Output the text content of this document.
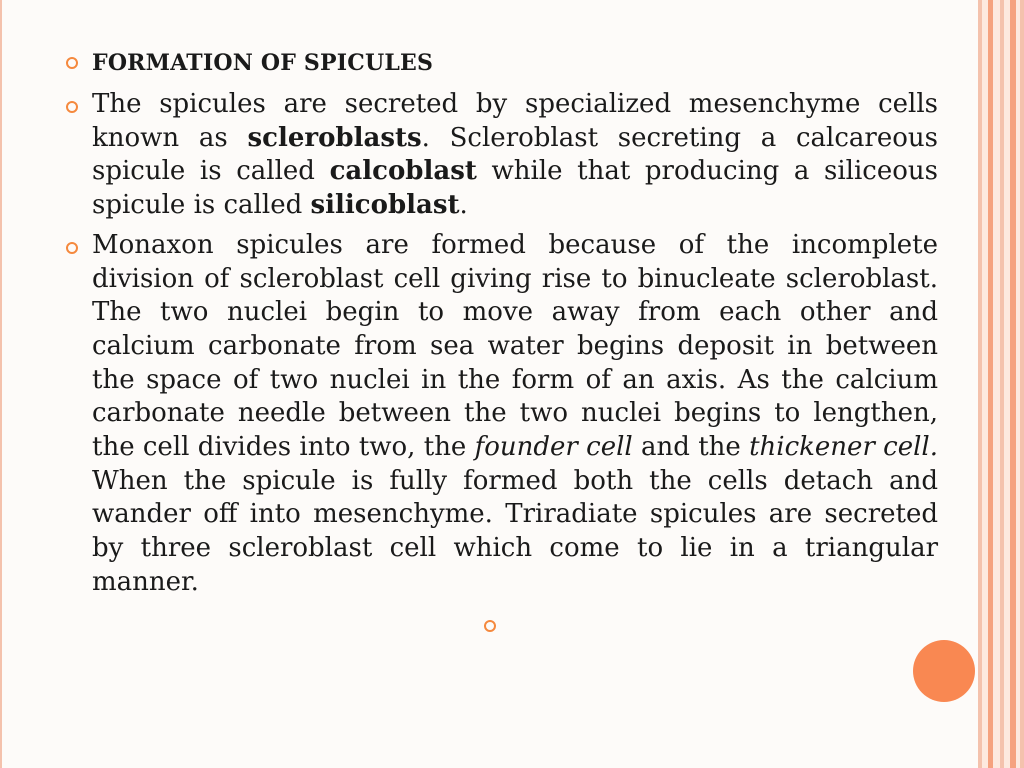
FORMATION OF SPICULES
The spicules are secreted by specialized mesenchyme cells known as scleroblasts. Scleroblast secreting a calcareous spicule is called calcoblast while that producing a siliceous spicule is called silicoblast.
Monaxon spicules are formed because of the incomplete division of scleroblast cell giving rise to binucleate scleroblast. The two nuclei begin to move away from each other and calcium carbonate from sea water begins deposit in between the space of two nuclei in the form of an axis. As the calcium carbonate needle between the two nuclei begins to lengthen, the cell divides into two, the founder cell and the thickener cell. When the spicule is fully formed both the cells detach and wander off into mesenchyme. Triradiate spicules are secreted by three scleroblast cell which come to lie in a triangular manner.
